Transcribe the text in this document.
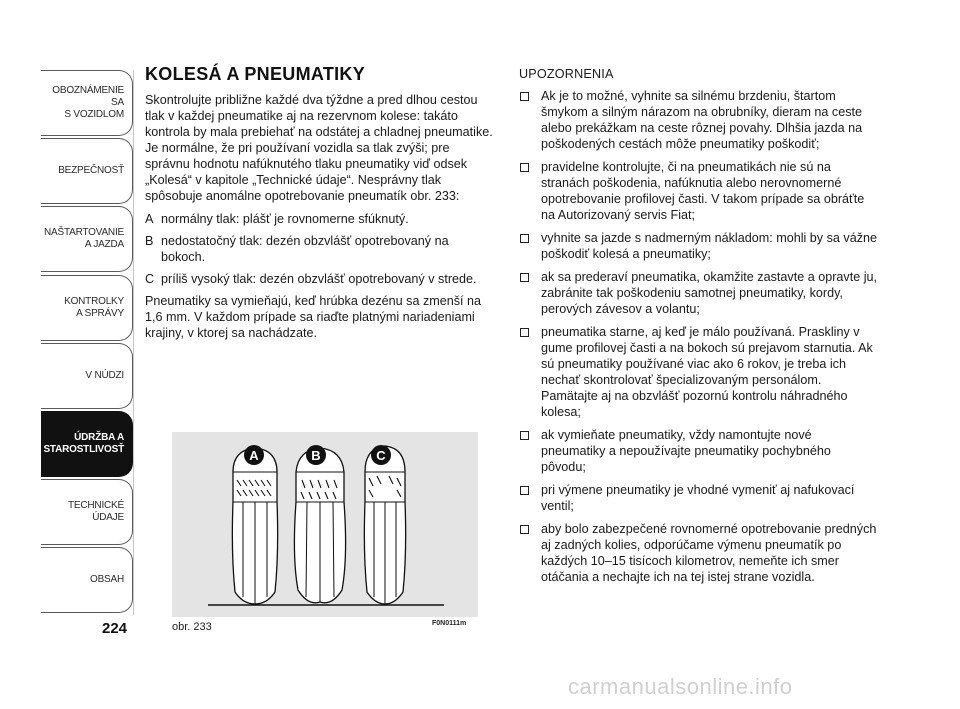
OBOZNÁMENIE SA
S VOZIDLOM
BEZPEČNOSŤ
NAŠTARTOVANIE
A JAZDA
KONTROLKY
A SPRÁVY
V NÚDZI
ÚDRŽBA A
STAROSTLIVOSŤ
TECHNICKÉ
ÚDAJE
OBSAH
224
KOLESÁ A PNEUMATIKY

Skontrolujte približne každé dva týždne a pred dlhou cestou tlak v každej pneumatike aj na rezervnom kolese: takáto kontrola by mala prebiehať na odstátej a chladnej pneumatike. Je normálne, že pri používaní vozidla sa tlak zvýši; pre správnu hodnotu nafúknutého tlaku pneumatiky viď odsek „Kolesá“ v kapitole „Technické údaje“. Nesprávny tlak spôsobuje anomálne opotrebovanie pneumatík obr. 233:

A normálny tlak: plášť je rovnomerne sfúknutý.
B nedostatočný tlak: dezén obzvlášť opotrebovaný na bokoch.
C príliš vysoký tlak: dezén obzvlášť opotrebovaný v strede.

Pneumatiky sa vymieňajú, keď hrúbka dezénu sa zmenší na 1,6 mm. V každom prípade sa riaďte platnými nariadeniami krajiny, v ktorej sa nachádzate.

A	B	C
obr. 233	F0N0111m
UPOZORNENIA
Ak je to možné, vyhnite sa silnému brzdeniu, štartom šmykom a silným nárazom na obrubníky, dieram na ceste alebo prekážkam na ceste rôznej povahy. Dlhšia jazda na poškodených cestách môže pneumatiky poškodiť;
pravidelne kontrolujte, či na pneumatikách nie sú na stranách poškodenia, nafúknutia alebo nerovnomerné opotrebovanie profilovej časti. V takom prípade sa obráťte na Autorizovaný servis Fiat;
vyhnite sa jazde s nadmerným nákladom: mohli by sa vážne poškodiť kolesá a pneumatiky;
ak sa prederaví pneumatika, okamžite zastavte a opravte ju, zabránite tak poškodeniu samotnej pneumatiky, kordy, perových závesov a volantu;
pneumatika starne, aj keď je málo používaná. Praskliny v gume profilovej časti a na bokoch sú prejavom starnutia. Ak sú pneumatiky používané viac ako 6 rokov, je treba ich nechať skontrolovať špecializovaným personálom. Pamätajte aj na obzvlášť pozornú kontrolu náhradného kolesa;
ak vymieňate pneumatiky, vždy namontujte nové pneumatiky a nepoužívajte pneumatiky pochybného pôvodu;
pri výmene pneumatiky je vhodné vymeniť aj nafukovací ventil;
aby bolo zabezpečené rovnomerné opotrebovanie predných aj zadných kolies, odporúčame výmenu pneumatík po každých 10–15 tisícoch kilometrov, nemeňte ich smer otáčania a nechajte ich na tej istej strane vozidla.
carmanualsonline.info
